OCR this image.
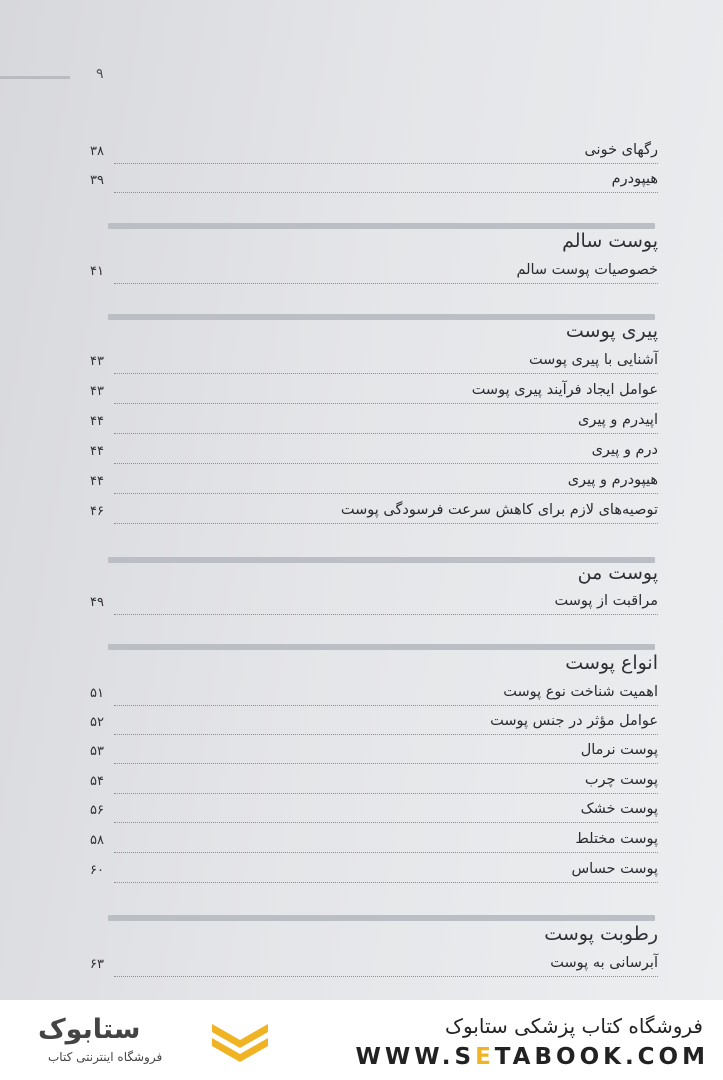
۹
۳۸	رگهای خونی
۳۹	هیپودرم
پوست سالم
۴۱	خصوصیات پوست سالم
پیری پوست
۴۳	آشنایی با پیری پوست
۴۳	عوامل ایجاد فرآیند پیری پوست
۴۴	اپیدرم و پیری
۴۴	درم و پیری
۴۴	هیپودرم و پیری
۴۶	توصیه‌های لازم برای کاهش سرعت فرسودگی پوست
پوست من
۴۹	مراقبت از پوست
انواع پوست
۵۱	اهمیت شناخت نوع پوست
۵۲	عوامل مؤثر در جنس پوست
۵۳	پوست نرمال
۵۴	پوست چرب
۵۶	پوست خشک
۵۸	پوست مختلط
۶۰	پوست حساس
رطوبت پوست
۶۳	آبرسانی به پوست
ستابوک
فروشگاه اینترنتی کتاب
فروشگاه کتاب پزشکی ستابوک
WWW.SETABOOK.COM
